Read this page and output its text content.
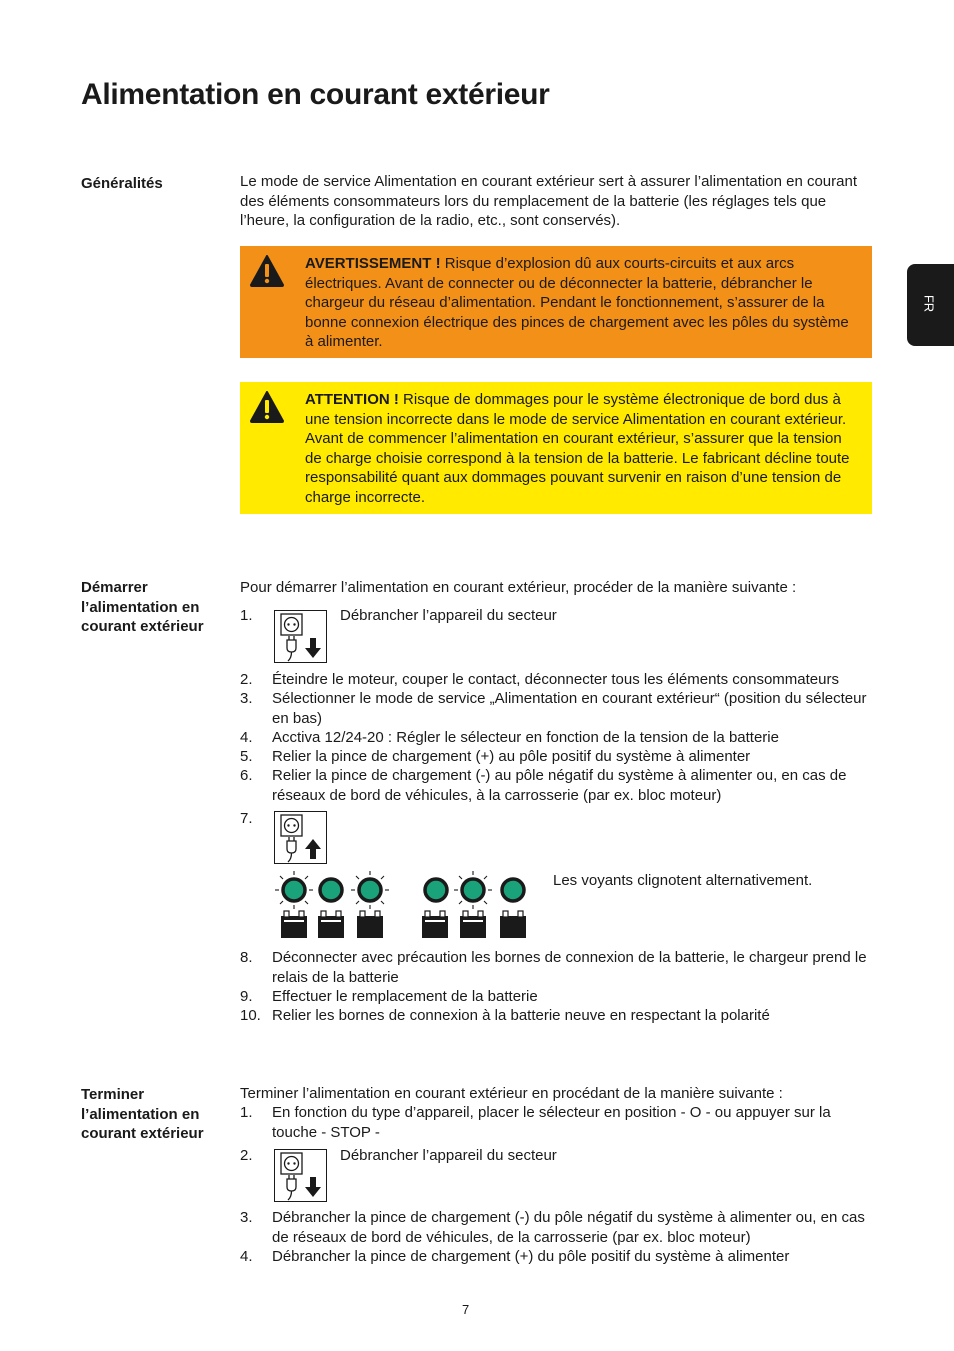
Alimentation en courant extérieur
FR
Généralités	Le mode de service Alimentation en courant extérieur sert à assurer l’alimentation en courant des éléments consommateurs lors du remplacement de la batterie (les réglages tels que l’heure, la configuration de la radio, etc., sont conservés).
AVERTISSEMENT ! Risque d’explosion dû aux courts-circuits et aux arcs électriques. Avant de connecter ou de déconnecter la batterie, débrancher le chargeur du réseau d’alimentation. Pendant le fonctionnement, s’assurer de la bonne connexion électrique des pinces de chargement avec les pôles du système à alimenter.
ATTENTION ! Risque de dommages pour le système électronique de bord dus à une tension incorrecte dans le mode de service Alimentation en courant extérieur. Avant de commencer l’alimentation en courant extérieur, s’assurer que la tension de charge choisie correspond à la tension de la batterie. Le fabricant décline toute responsabilité quant aux dommages pouvant survenir en raison d’une tension de charge incorrecte.
Démarrer
l’alimentation en
courant extérieur
Pour démarrer l’alimentation en courant extérieur, procéder de la manière suivante :
1.	Débrancher l’appareil du secteur
2. Éteindre le moteur, couper le contact, déconnecter tous les éléments consommateurs
3. Sélectionner le mode de service „Alimentation en courant extérieur“ (position du sélecteur en bas)
4. Acctiva 12/24-20 : Régler le sélecteur en fonction de la tension de la batterie
5. Relier la pince de chargement (+) au pôle positif du système à alimenter
6. Relier la pince de chargement (-) au pôle négatif du système à alimenter ou, en cas de réseaux de bord de véhicules, à la carrosserie (par ex. bloc moteur)
7.
Les voyants clignotent alternativement.
8. Déconnecter avec précaution les bornes de connexion de la batterie, le chargeur prend le relais de la batterie
9. Effectuer le remplacement de la batterie
10. Relier les bornes de connexion à la batterie neuve en respectant la polarité
Terminer
l’alimentation en
courant extérieur
Terminer l’alimentation en courant extérieur en procédant de la manière suivante :
1. En fonction du type d’appareil, placer le sélecteur en position - O - ou appuyer sur la touche - STOP -
2.	Débrancher l’appareil du secteur
3. Débrancher la pince de chargement (-) du pôle négatif du système à alimenter ou, en cas de réseaux de bord de véhicules, de la carrosserie (par ex. bloc moteur)
4. Débrancher la pince de chargement (+) du pôle positif du système à alimenter
7
